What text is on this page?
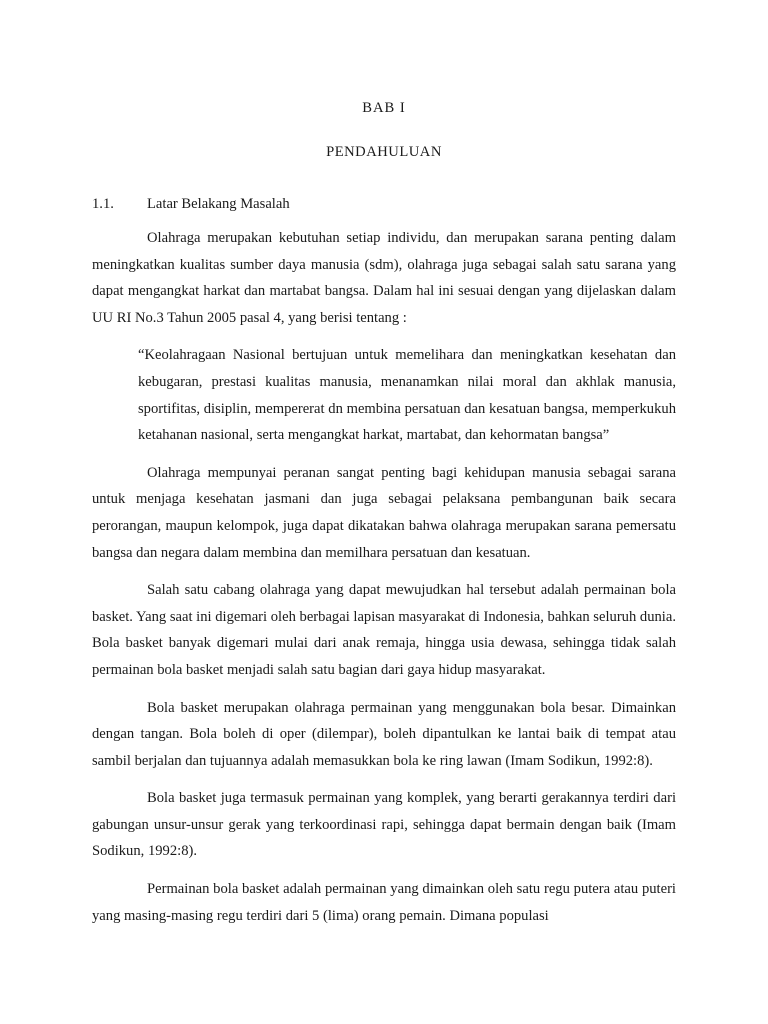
BAB I
PENDAHULUAN
1.1.	Latar Belakang Masalah

Olahraga merupakan kebutuhan setiap individu, dan merupakan sarana penting dalam meningkatkan kualitas sumber daya manusia (sdm), olahraga juga sebagai salah satu sarana yang dapat mengangkat harkat dan martabat bangsa. Dalam hal ini sesuai dengan yang dijelaskan dalam UU RI No.3 Tahun 2005 pasal 4, yang berisi tentang :

“Keolahragaan Nasional bertujuan untuk memelihara dan meningkatkan kesehatan dan kebugaran, prestasi kualitas manusia, menanamkan nilai moral dan akhlak manusia, sportifitas, disiplin, mempererat dn membina persatuan dan kesatuan bangsa, memperkukuh ketahanan nasional, serta mengangkat harkat, martabat, dan kehormatan bangsa”

Olahraga mempunyai peranan sangat penting bagi kehidupan manusia sebagai sarana untuk menjaga kesehatan jasmani dan juga sebagai pelaksana pembangunan baik secara perorangan, maupun kelompok, juga dapat dikatakan bahwa olahraga merupakan sarana pemersatu bangsa dan negara dalam membina dan memilhara persatuan dan kesatuan.

Salah satu cabang olahraga yang dapat mewujudkan hal tersebut adalah permainan bola basket. Yang saat ini digemari oleh berbagai lapisan masyarakat di Indonesia, bahkan seluruh dunia. Bola basket banyak digemari mulai dari anak remaja, hingga usia dewasa, sehingga tidak salah permainan bola basket menjadi salah satu bagian dari gaya hidup masyarakat.

Bola basket merupakan olahraga permainan yang menggunakan bola besar. Dimainkan dengan tangan. Bola boleh di oper (dilempar), boleh dipantulkan ke lantai baik di tempat atau sambil berjalan dan tujuannya adalah memasukkan bola ke ring lawan (Imam Sodikun, 1992:8).

Bola basket juga termasuk permainan yang komplek, yang berarti gerakannya terdiri dari gabungan unsur-unsur gerak yang terkoordinasi rapi, sehingga dapat bermain dengan baik (Imam Sodikun, 1992:8).

Permainan bola basket adalah permainan yang dimainkan oleh satu regu putera atau puteri yang masing-masing regu terdiri dari 5 (lima) orang pemain. Dimana populasi
